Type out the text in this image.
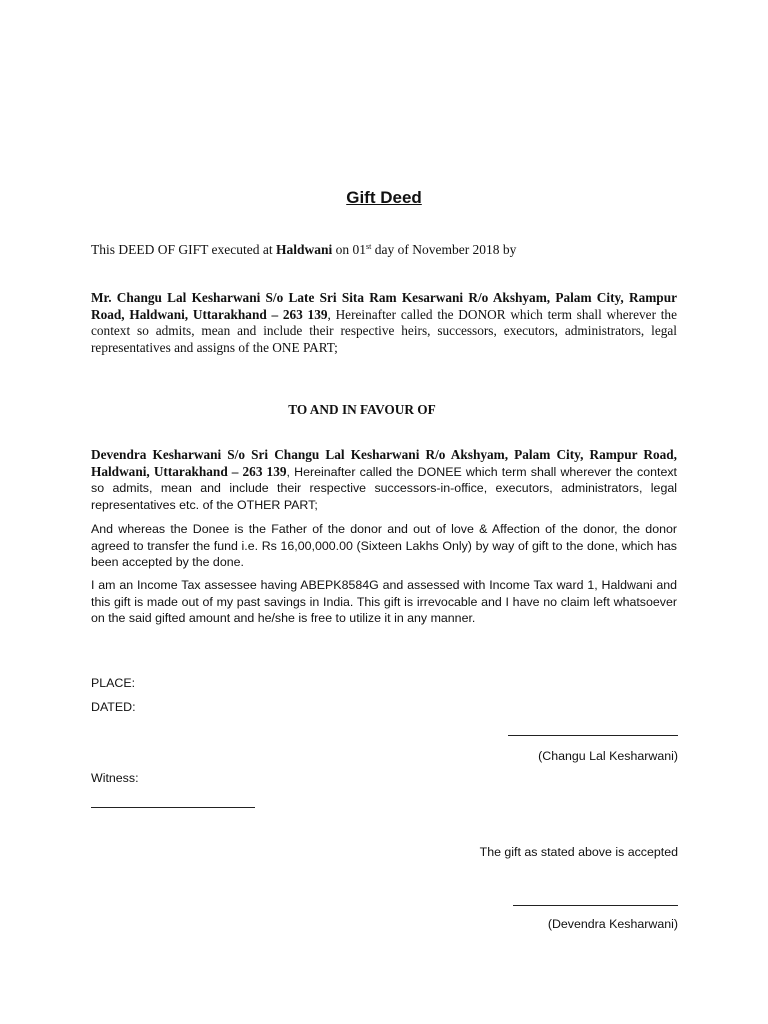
Gift Deed
This DEED OF GIFT executed at Haldwani on 01st day of November 2018 by
Mr. Changu Lal Kesharwani S/o Late Sri Sita Ram Kesarwani R/o Akshyam, Palam City, Rampur Road, Haldwani, Uttarakhand – 263 139, Hereinafter called the DONOR which term shall wherever the context so admits, mean and include their respective heirs, successors, executors, administrators, legal representatives and assigns of the ONE PART;
TO AND IN FAVOUR OF
Devendra Kesharwani S/o Sri Changu Lal Kesharwani R/o Akshyam, Palam City, Rampur Road, Haldwani, Uttarakhand – 263 139, Hereinafter called the DONEE which term shall wherever the context so admits, mean and include their respective successors-in-office, executors, administrators, legal representatives etc. of the OTHER PART;
And whereas the Donee is the Father of the donor and out of love & Affection of the donor, the donor agreed to transfer the fund i.e. Rs 16,00,000.00 (Sixteen Lakhs Only) by way of gift to the done, which has been accepted by the done.
I am an Income Tax assessee having ABEPK8584G and assessed with Income Tax ward 1, Haldwani and this gift is made out of my past savings in India. This gift is irrevocable and I have no claim left whatsoever on the said gifted amount and he/she is free to utilize it in any manner.
PLACE:
DATED:
(Changu Lal Kesharwani)
Witness:
The gift as stated above is accepted
(Devendra Kesharwani)
